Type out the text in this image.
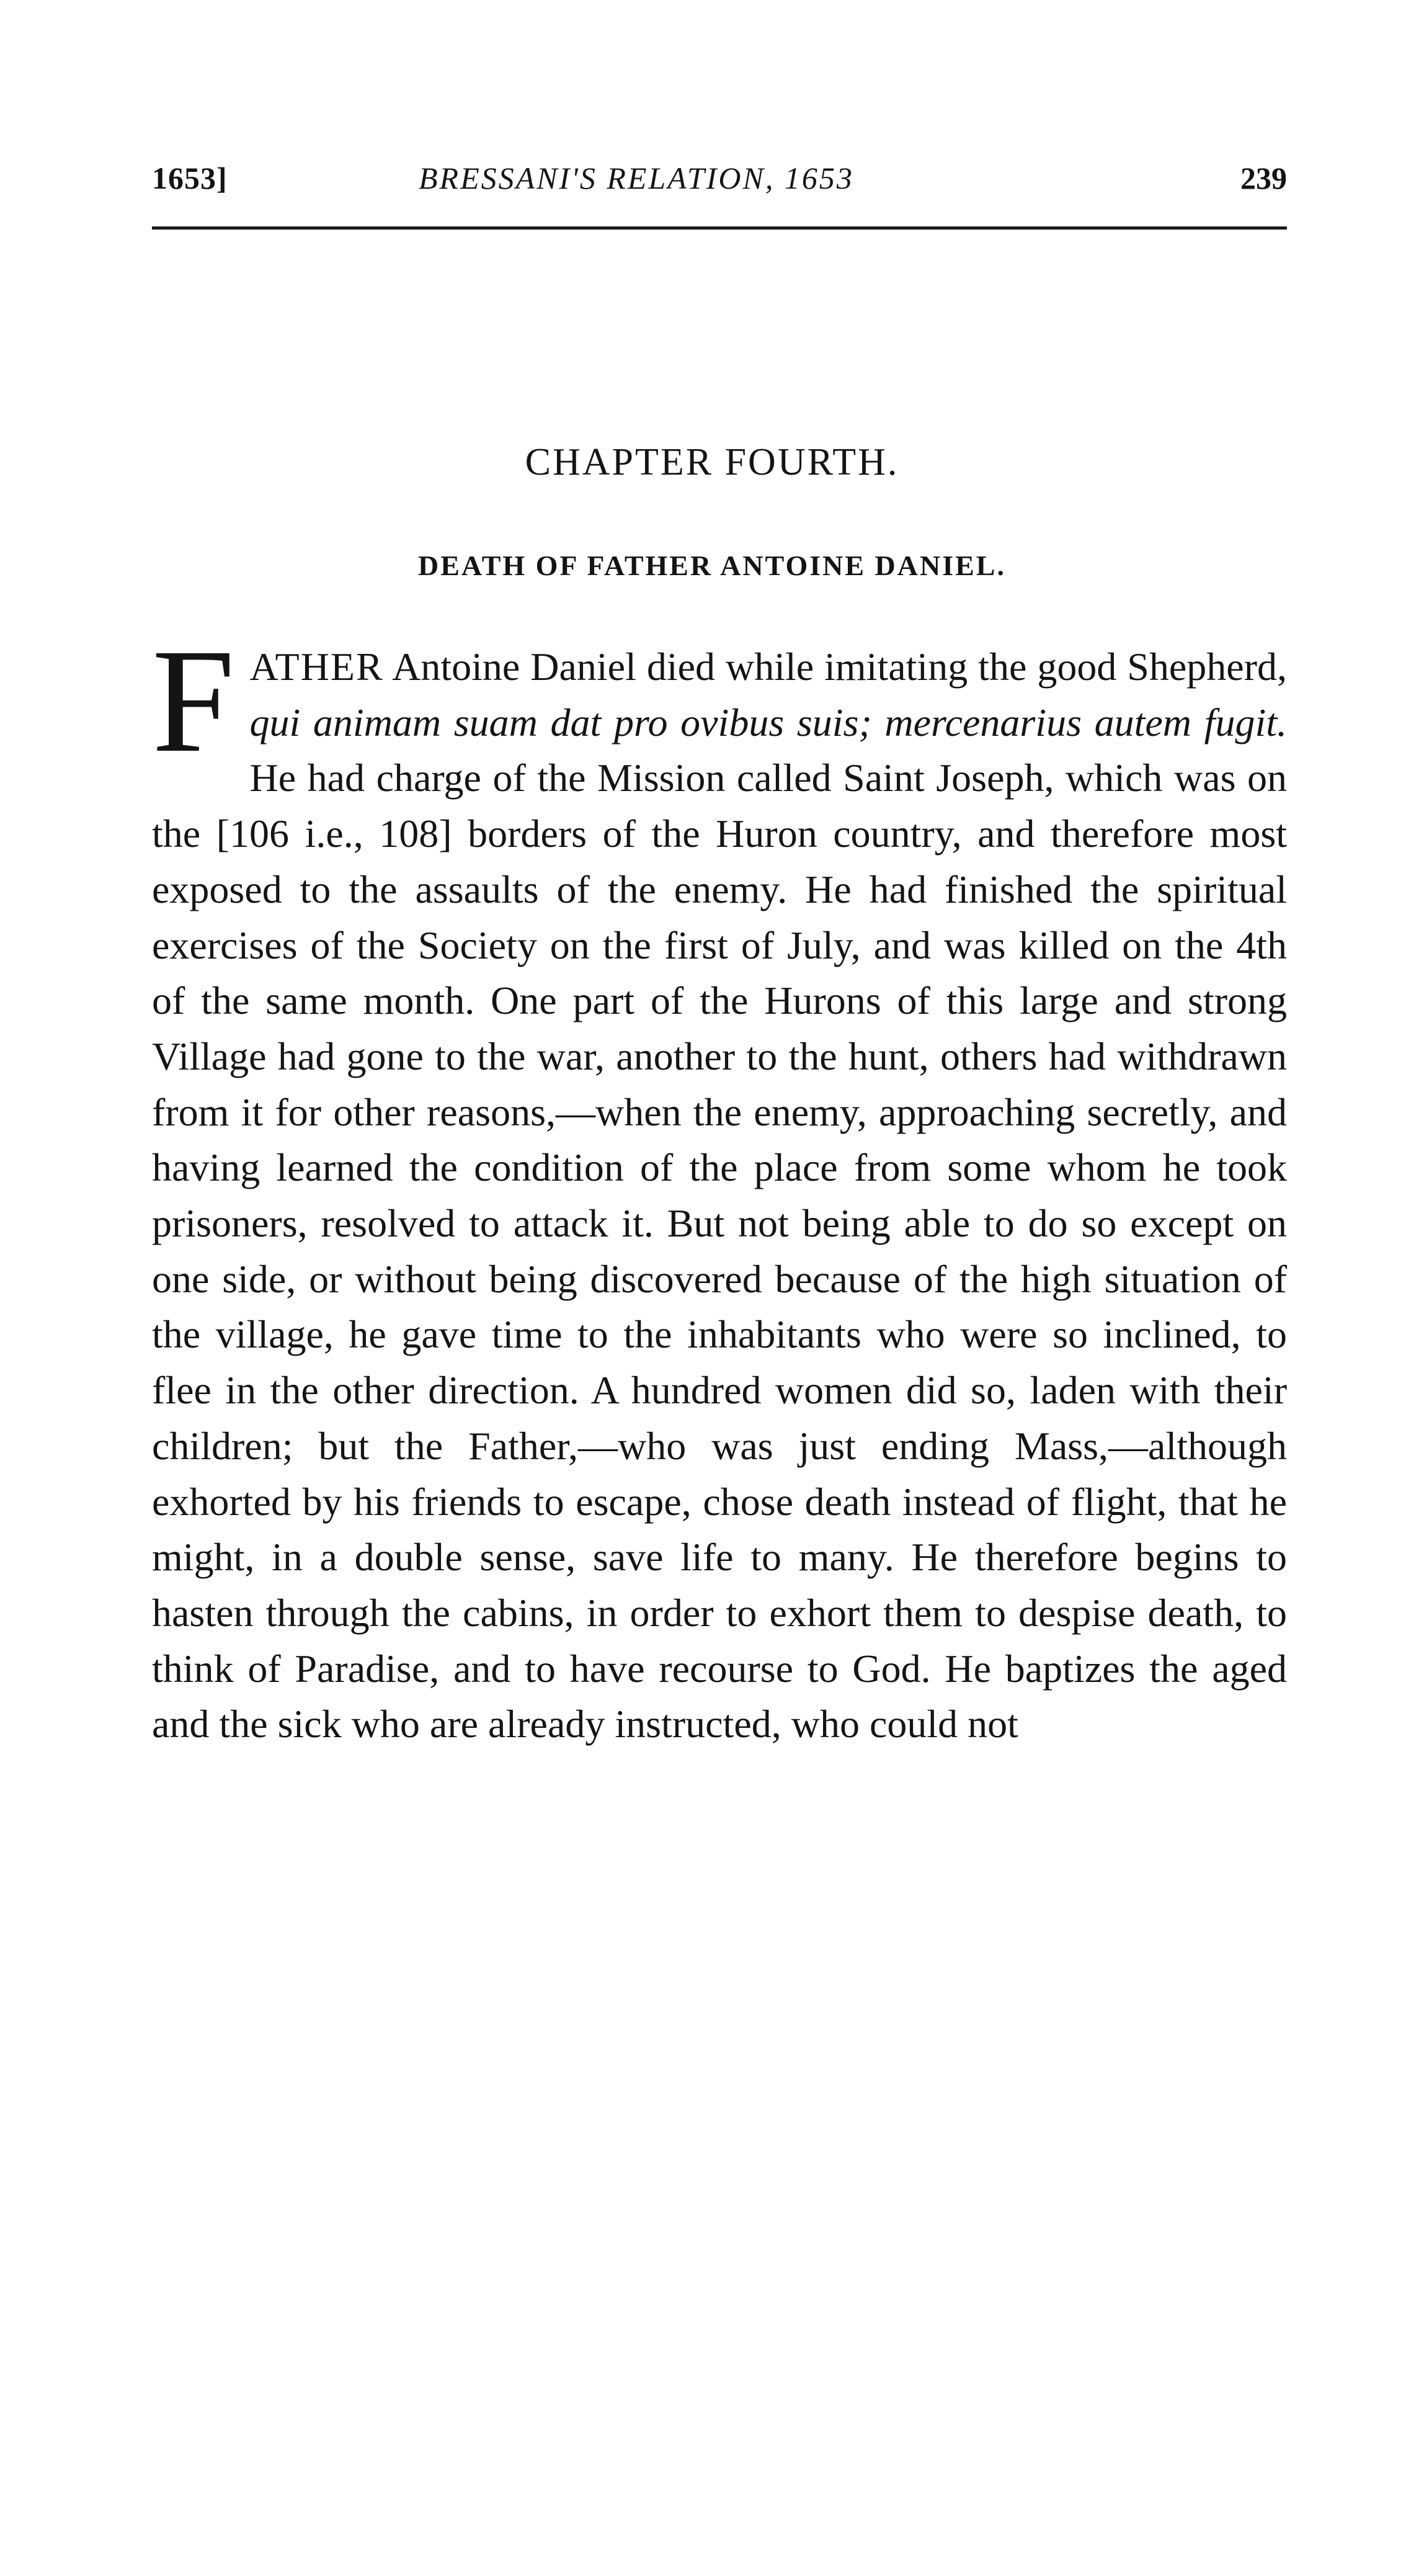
1653]	BRESSANI'S RELATION, 1653	239
CHAPTER FOURTH.
DEATH OF FATHER ANTOINE DANIEL.

FATHER Antoine Daniel died while imitating the good Shepherd, qui animam suam dat pro ovibus suis; mercenarius autem fugit. He had charge of the Mission called Saint Joseph, which was on the [106 i.e., 108] borders of the Huron country, and therefore most exposed to the assaults of the enemy. He had finished the spiritual exercises of the Society on the first of July, and was killed on the 4th of the same month. One part of the Hurons of this large and strong Village had gone to the war, another to the hunt, others had withdrawn from it for other reasons,—when the enemy, approaching secretly, and having learned the condition of the place from some whom he took prisoners, resolved to attack it. But not being able to do so except on one side, or without being discovered because of the high situation of the village, he gave time to the inhabitants who were so inclined, to flee in the other direction. A hundred women did so, laden with their children; but the Father,—who was just ending Mass,—although exhorted by his friends to escape, chose death instead of flight, that he might, in a double sense, save life to many. He therefore begins to hasten through the cabins, in order to exhort them to despise death, to think of Paradise, and to have recourse to God. He baptizes the aged and the sick who are already instructed, who could not
